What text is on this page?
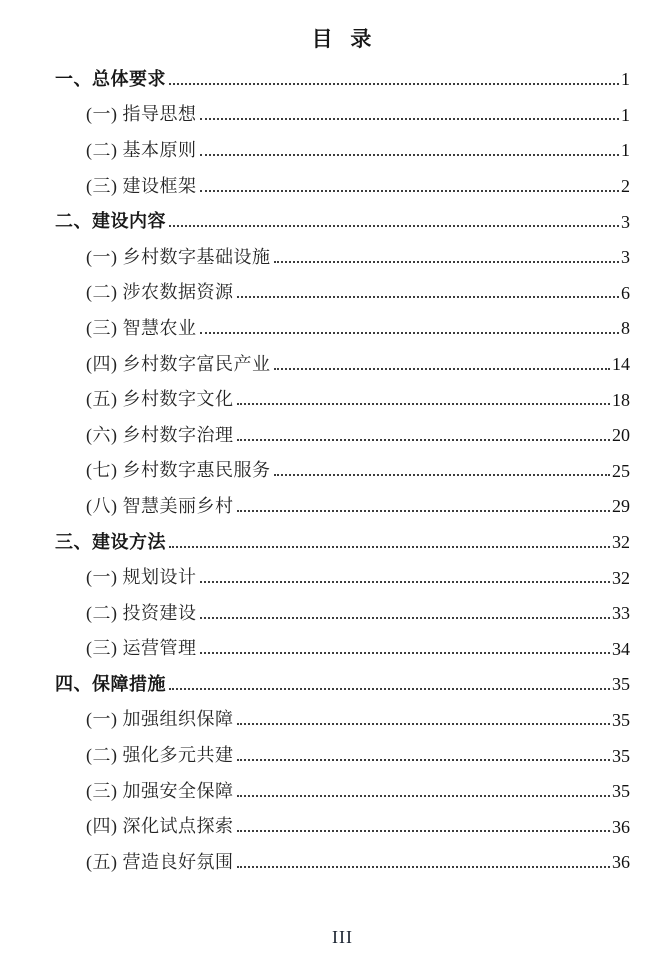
目  录
一、总体要求	1
(一) 指导思想	1
(二) 基本原则	1
(三) 建设框架	2
二、建设内容	3
(一) 乡村数字基础设施	3
(二) 涉农数据资源	6
(三) 智慧农业	8
(四) 乡村数字富民产业	14
(五) 乡村数字文化	18
(六) 乡村数字治理	20
(七) 乡村数字惠民服务	25
(八) 智慧美丽乡村	29
三、建设方法	32
(一) 规划设计	32
(二) 投资建设	33
(三) 运营管理	34
四、保障措施	35
(一) 加强组织保障	35
(二) 强化多元共建	35
(三) 加强安全保障	35
(四) 深化试点探索	36
(五) 营造良好氛围	36
III
